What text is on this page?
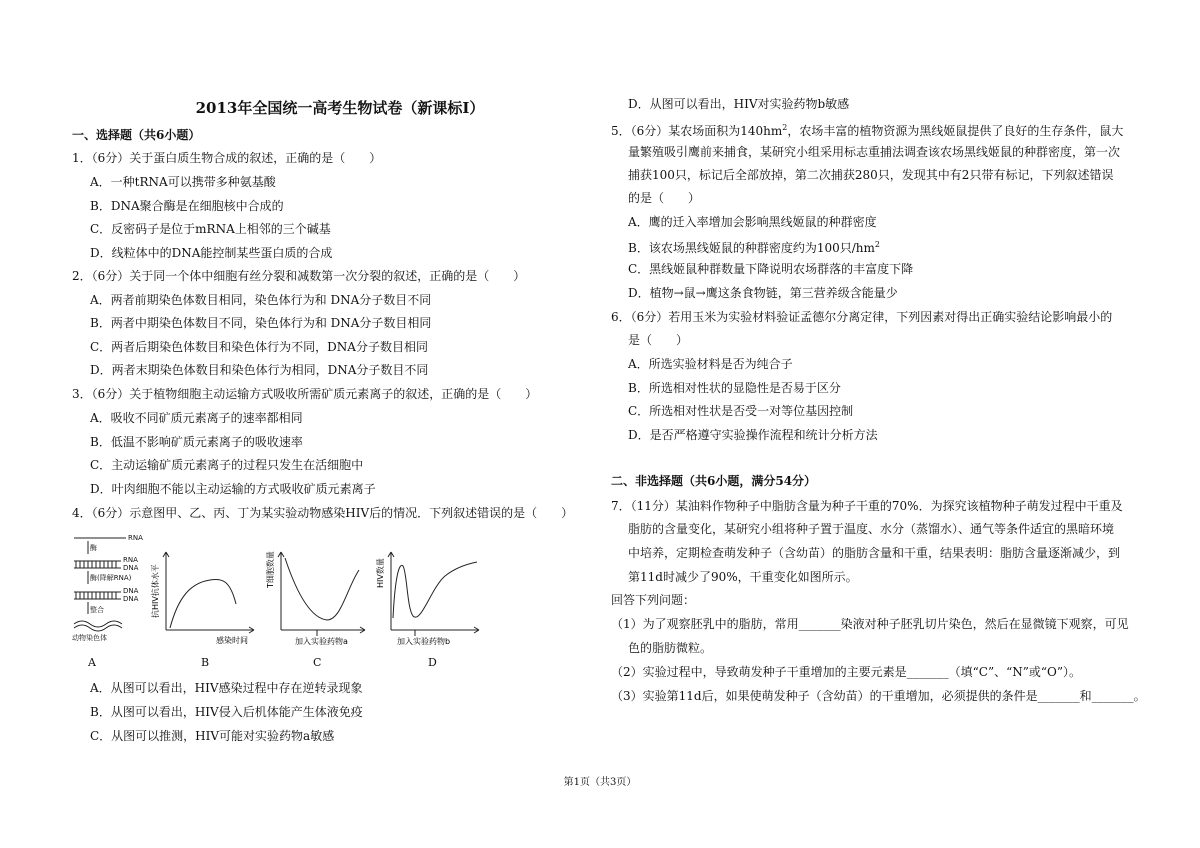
2013年全国统一高考生物试卷（新课标Ⅰ）
一、选择题（共6小题）
1．（6分）关于蛋白质生物合成的叙述，正确的是（　　）
A．一种tRNA可以携带多种氨基酸
B．DNA聚合酶是在细胞核中合成的
C．反密码子是位于mRNA上相邻的三个碱基
D．线粒体中的DNA能控制某些蛋白质的合成
2．（6分）关于同一个体中细胞有丝分裂和减数第一次分裂的叙述，正确的是（　　）
A．两者前期染色体数目相同，染色体行为和 DNA分子数目不同
B．两者中期染色体数目不同，染色体行为和 DNA分子数目相同
C．两者后期染色体数目和染色体行为不同，DNA分子数目相同
D．两者末期染色体数目和染色体行为相同，DNA分子数目不同
3．（6分）关于植物细胞主动运输方式吸收所需矿质元素离子的叙述，正确的是（　　）
A．吸收不同矿质元素离子的速率都相同
B．低温不影响矿质元素离子的吸收速率
C．主动运输矿质元素离子的过程只发生在活细胞中
D．叶肉细胞不能以主动运输的方式吸收矿质元素离子
4．（6分）示意图甲、乙、丙、丁为某实验动物感染HIV后的情况．下列叙述错误的是（　　）
RNA
酶
RNA
DNA
酶(降解RNA)
DNA
DNA
整合
动物染色体
抗HIV抗体水平
感染时间
T细胞数量
加入实验药物a
HIV数量
加入实验药物b
A	B	C	D
A．从图可以看出，HIV感染过程中存在逆转录现象
B．从图可以看出，HIV侵入后机体能产生体液免疫
C．从图可以推测，HIV可能对实验药物a敏感
D．从图可以看出，HIV对实验药物b敏感
5．（6分）某农场面积为$140hm^2$，农场丰富的植物资源为黑线姬鼠提供了良好的生存条件，鼠大
量繁殖吸引鹰前来捕食，某研究小组采用标志重捕法调查该农场黑线姬鼠的种群密度，第一次
捕获100只，标记后全部放掉，第二次捕获280只，发现其中有2只带有标记，下列叙述错误
的是（　　）
A．鹰的迁入率增加会影响黑线姬鼠的种群密度
B．该农场黑线姬鼠的种群密度约为100只$/hm^2$
C．黑线姬鼠种群数量下降说明农场群落的丰富度下降
D．植物→鼠→鹰这条食物链，第三营养级含能量少
6．（6分）若用玉米为实验材料验证孟德尔分离定律，下列因素对得出正确实验结论影响最小的
是（　　）
A．所选实验材料是否为纯合子
B．所选相对性状的显隐性是否易于区分
C．所选相对性状是否受一对等位基因控制
D．是否严格遵守实验操作流程和统计分析方法
二、非选择题（共6小题，满分54分）
7．（11分）某油料作物种子中脂肪含量为种子干重的70%．为探究该植物种子萌发过程中干重及
脂肪的含量变化，某研究小组将种子置于温度、水分（蒸馏水）、通气等条件适宜的黑暗环境
中培养，定期检查萌发种子（含幼苗）的脂肪含量和干重，结果表明：脂肪含量逐渐减少，到
第11d时减少了90%，干重变化如图所示。
回答下列问题：
（1）为了观察胚乳中的脂肪，常用_______染液对种子胚乳切片染色，然后在显微镜下观察，可见
色的脂肪微粒。
（2）实验过程中，导致萌发种子干重增加的主要元素是_______（填“C”、“N”或“O”）。
（3）实验第11d后，如果使萌发种子（含幼苗）的干重增加，必须提供的条件是_______和_______。
第1页（共3页）
